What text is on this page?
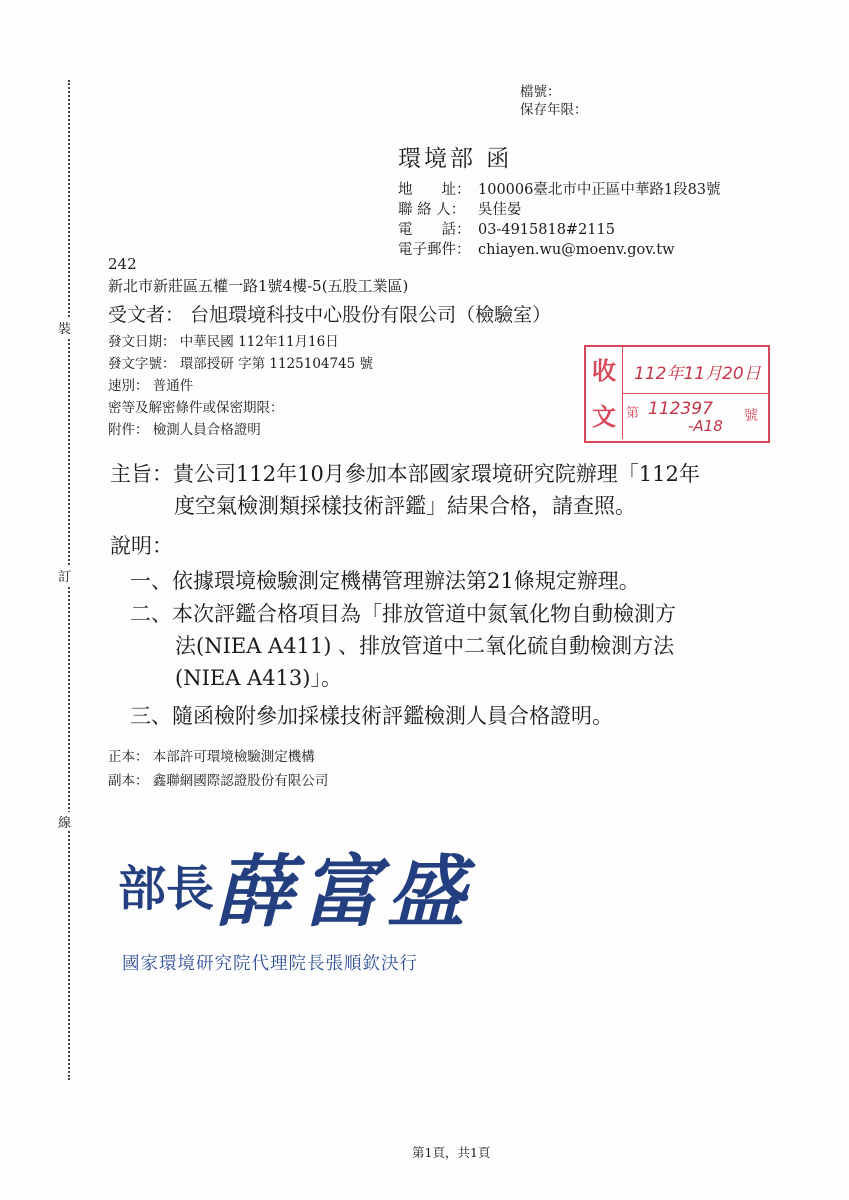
裝
訂
線
檔號：
保存年限：
環境部 函
地　　址： 100006臺北市中正區中華路1段83號
聯 絡 人： 吳佳晏
電　　話： 03-4915818#2115
電子郵件： chiayen.wu@moenv.gov.tw
242
新北市新莊區五權一路1號4樓-5(五股工業區)
受文者： 台旭環境科技中心股份有限公司（檢驗室）
發文日期： 中華民國 112年11月16日
發文字號： 環部授研 字第 1125104745 號
速別： 普通件
密等及解密條件或保密期限：
附件： 檢測人員合格證明
收
文
112年11月20日
第 112397
-A18
號
主旨：貴公司112年10月參加本部國家環境研究院辦理「112年
度空氣檢測類採樣技術評鑑」結果合格，請查照。
說明：
一、依據環境檢驗測定機構管理辦法第21條規定辦理。
二、本次評鑑合格項目為「排放管道中氮氧化物自動檢測方
法(NIEA A411) 、排放管道中二氧化硫自動檢測方法
(NIEA A413)」。
三、隨函檢附參加採樣技術評鑑檢測人員合格證明。
正本： 本部許可環境檢驗測定機構
副本： 鑫聯網國際認證股份有限公司
部長 薛富盛
國家環境研究院代理院長張順欽決行
第1頁，共1頁
